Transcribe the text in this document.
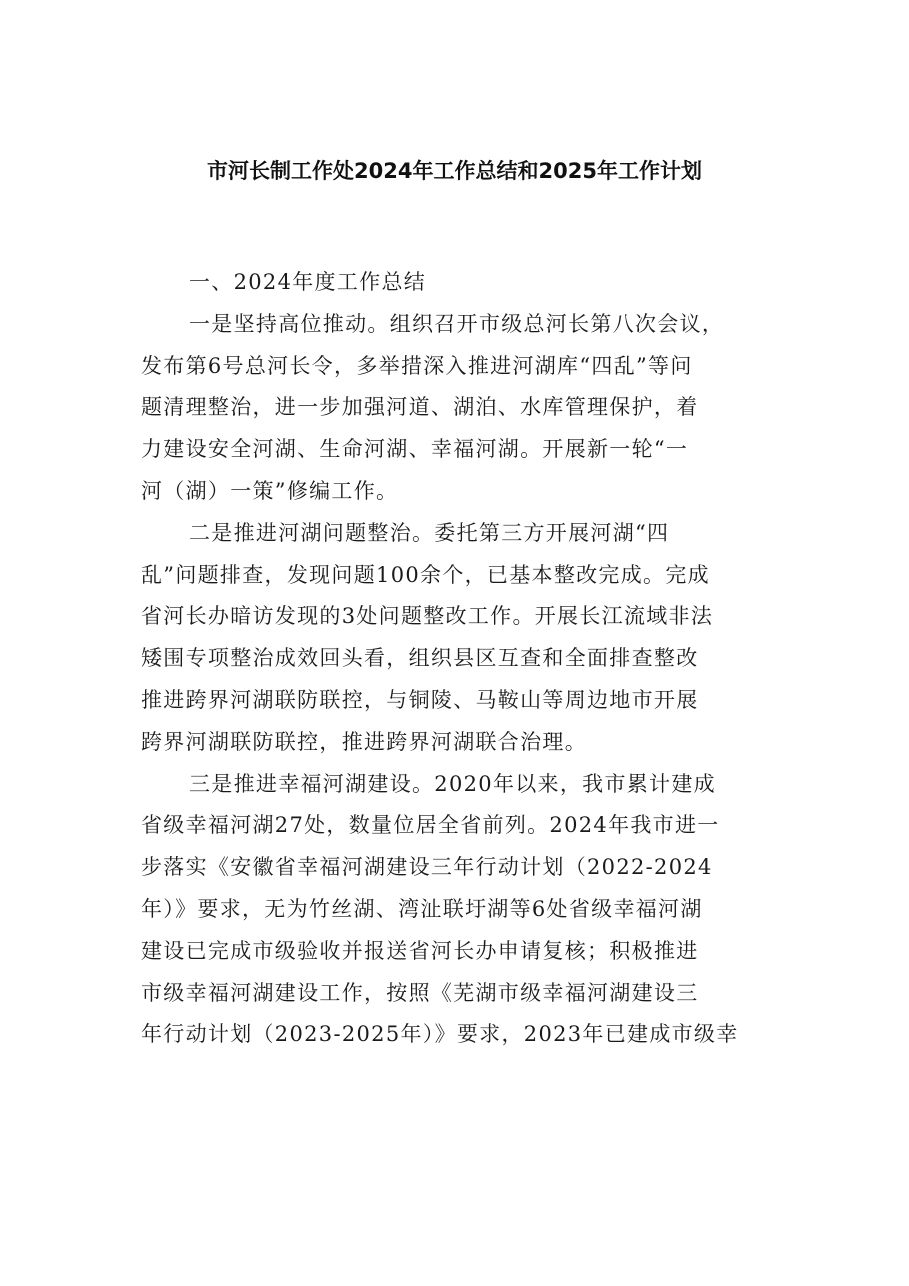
市河长制工作处2024年工作总结和2025年工作计划
一、2024年度工作总结
一是坚持高位推动。组织召开市级总河长第八次会议，
发布第6号总河长令，多举措深入推进河湖库“四乱”等问
题清理整治，进一步加强河道、湖泊、水库管理保护，着
力建设安全河湖、生命河湖、幸福河湖。开展新一轮“一
河（湖）一策”修编工作。
二是推进河湖问题整治。委托第三方开展河湖“四
乱”问题排查，发现问题100余个，已基本整改完成。完成
省河长办暗访发现的3处问题整改工作。开展长江流域非法
矮围专项整治成效回头看，组织县区互查和全面排查整改
推进跨界河湖联防联控，与铜陵、马鞍山等周边地市开展
跨界河湖联防联控，推进跨界河湖联合治理。
三是推进幸福河湖建设。2020年以来，我市累计建成
省级幸福河湖27处，数量位居全省前列。2024年我市进一
步落实《安徽省幸福河湖建设三年行动计划（2022-2024
年）》要求，无为竹丝湖、湾沚联圩湖等6处省级幸福河湖
建设已完成市级验收并报送省河长办申请复核；积极推进
市级幸福河湖建设工作，按照《芜湖市级幸福河湖建设三
年行动计划（2023-2025年）》要求，2023年已建成市级幸
